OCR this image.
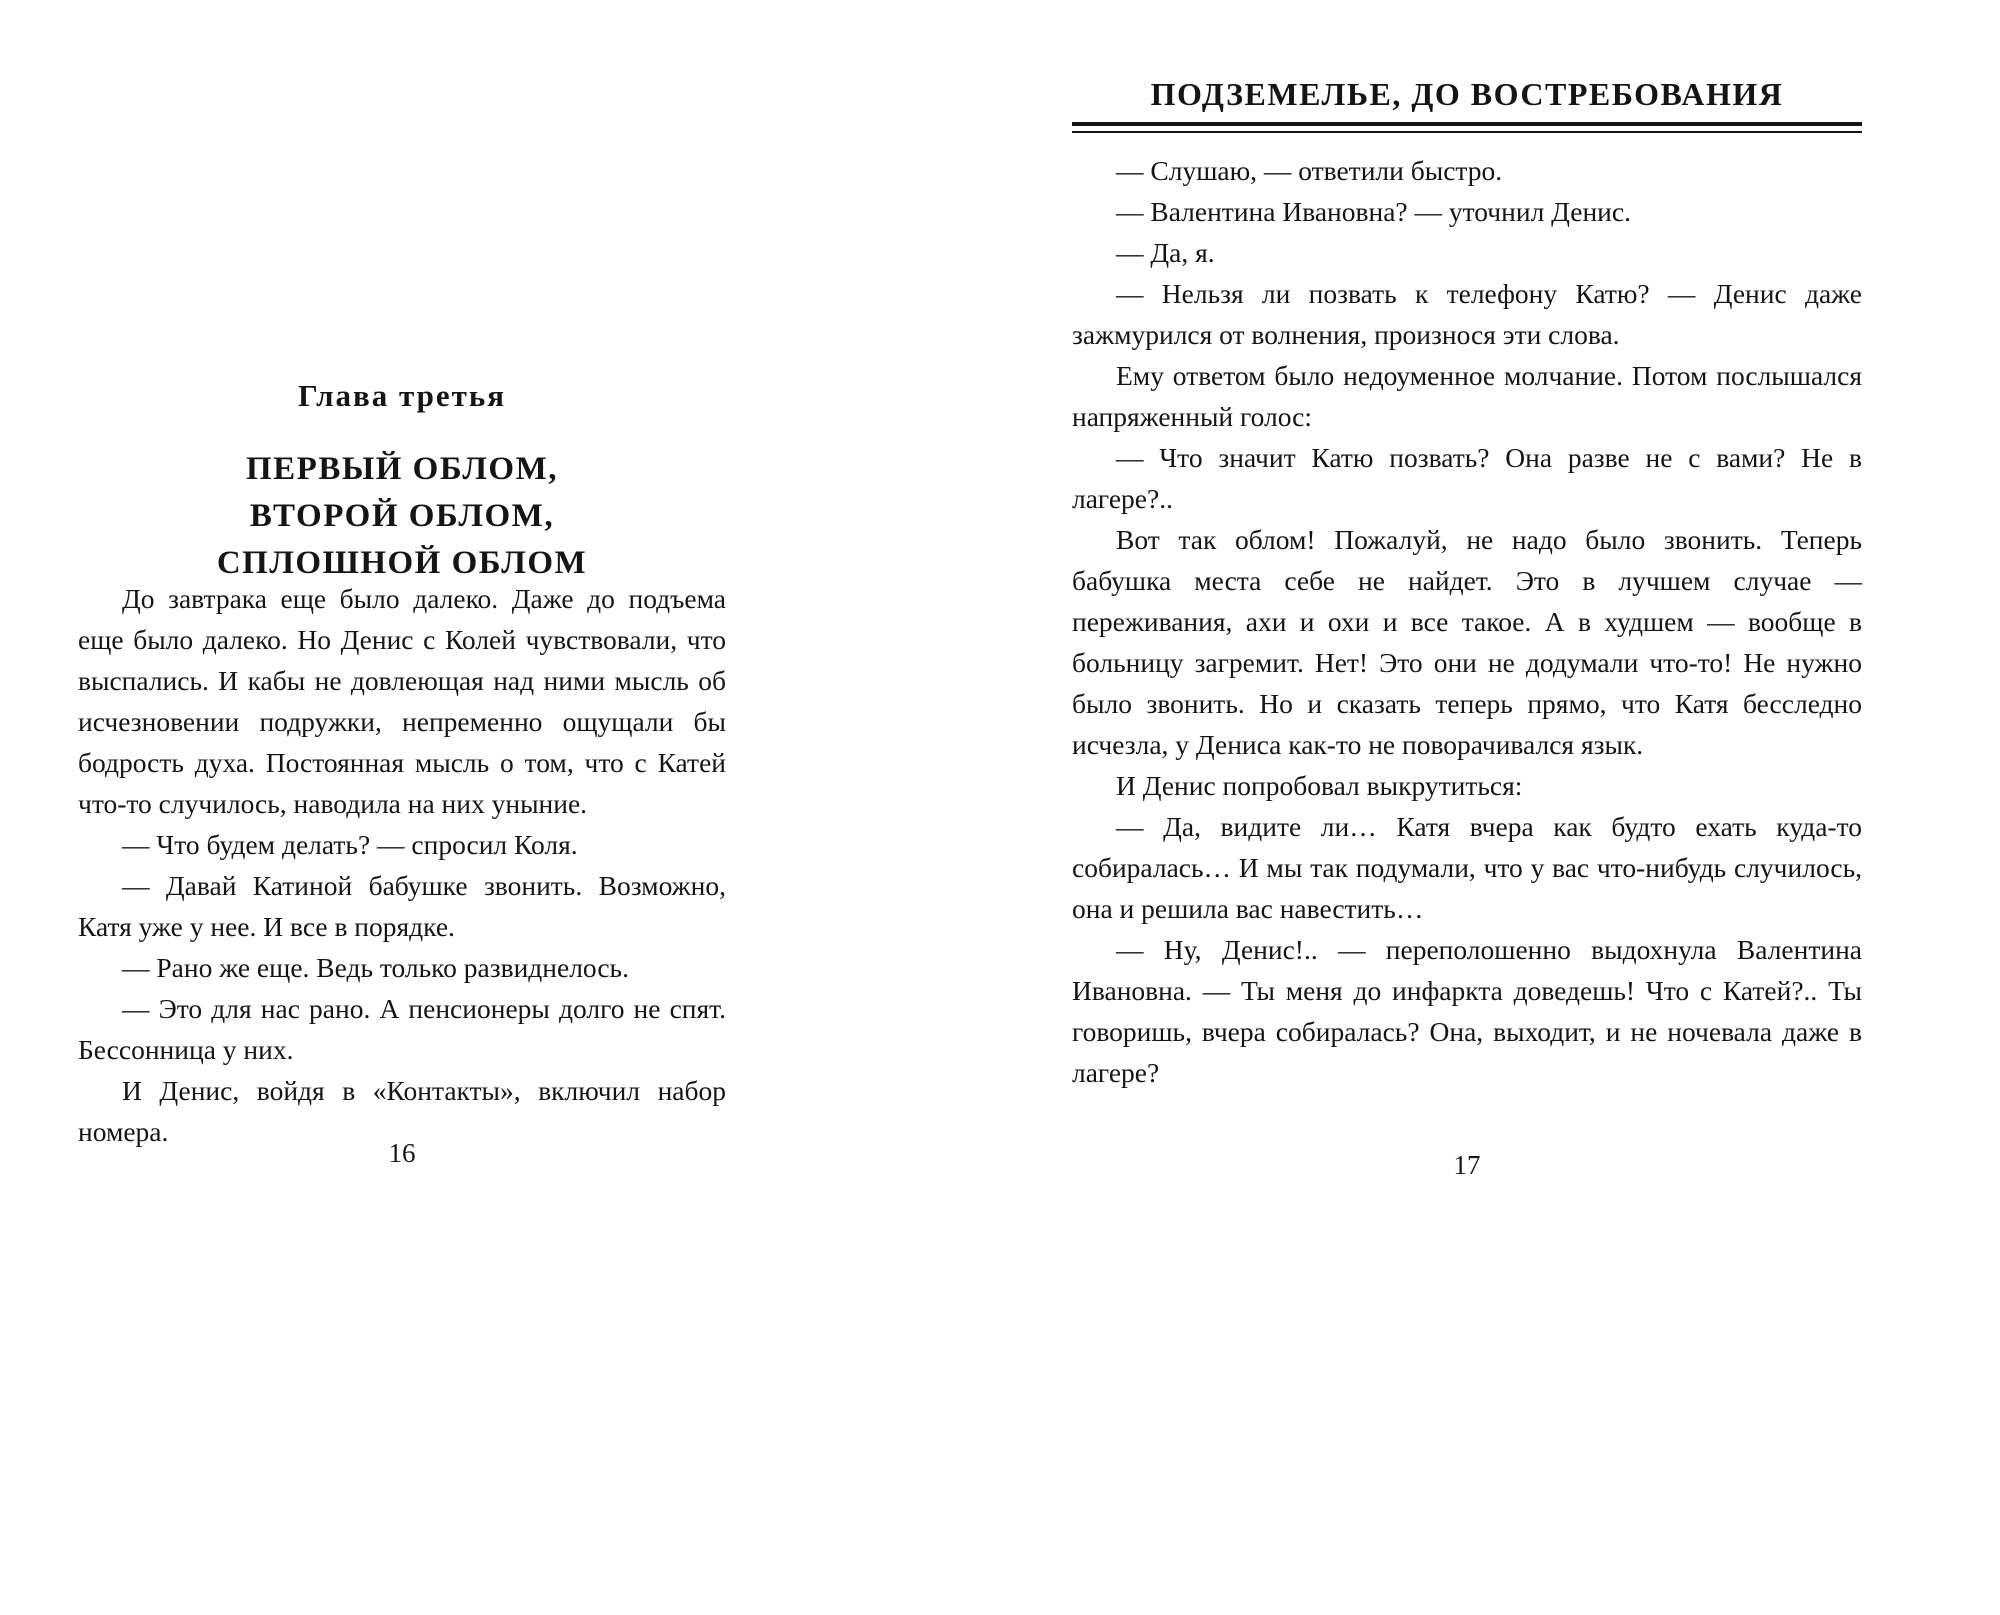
Глава третья
ПЕРВЫЙ ОБЛОМ,
ВТОРОЙ ОБЛОМ,
СПЛОШНОЙ ОБЛОМ

До завтрака еще было далеко. Даже до подъема еще было далеко. Но Денис с Колей чувствовали, что выспались. И кабы не довлеющая над ними мысль об исчезновении подружки, непременно ощущали бы бодрость духа. Постоянная мысль о том, что с Катей что-то случилось, наводила на них уныние.

— Что будем делать? — спросил Коля.

— Давай Катиной бабушке звонить. Возможно, Катя уже у нее. И все в порядке.

— Рано же еще. Ведь только развиднелось.

— Это для нас рано. А пенсионеры долго не спят. Бессонница у них.

И Денис, войдя в «Контакты», включил набор номера.

16
ПОДЗЕМЕЛЬЕ, ДО ВОСТРЕБОВАНИЯ

— Слушаю, — ответили быстро.

— Валентина Ивановна? — уточнил Денис.

— Да, я.

— Нельзя ли позвать к телефону Катю? — Денис даже зажмурился от волнения, произнося эти слова.

Ему ответом было недоуменное молчание. Потом послышался напряженный голос:

— Что значит Катю позвать? Она разве не с вами? Не в лагере?..

Вот так облом! Пожалуй, не надо было звонить. Теперь бабушка места себе не найдет. Это в лучшем случае — переживания, ахи и охи и все такое. А в худшем — вообще в больницу загремит. Нет! Это они не додумали что-то! Не нужно было звонить. Но и сказать теперь прямо, что Катя бесследно исчезла, у Дениса как-то не поворачивался язык.

И Денис попробовал выкрутиться:

— Да, видите ли… Катя вчера как будто ехать куда-то собиралась… И мы так подумали, что у вас что-нибудь случилось, она и решила вас навестить…

— Ну, Денис!.. — переполошенно выдохнула Валентина Ивановна. — Ты меня до инфаркта доведешь! Что с Катей?.. Ты говоришь, вчера собиралась? Она, выходит, и не ночевала даже в лагере?

17
